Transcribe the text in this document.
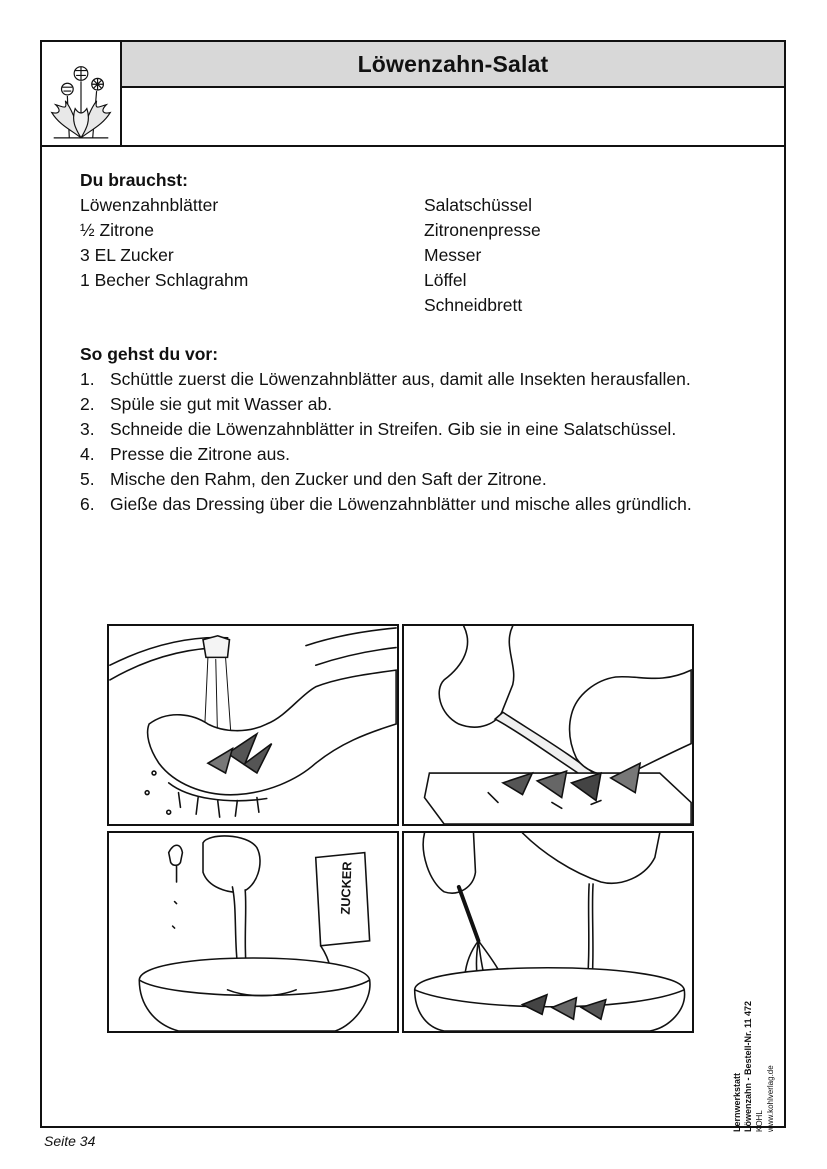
Löwenzahn-Salat
Du brauchst:
Löwenzahnblätter
½ Zitrone
3 EL Zucker
1 Becher Schlagrahm
Salatschüssel
Zitronenpresse
Messer
Löffel
Schneidbrett
So gehst du vor:
1. Schüttle zuerst die Löwenzahnblätter aus, damit alle Insekten herausfallen.
2. Spüle sie gut mit Wasser ab.
3. Schneide die Löwenzahnblätter in Streifen. Gib sie in eine Salatschüssel.
4. Presse die Zitrone aus.
5. Mische den Rahm, den Zucker und den Saft der Zitrone.
6. Gieße das Dressing über die Löwenzahnblätter und mische alles gründlich.
ZUCKER
Lernwerkstatt Löwenzahn - Bestell-Nr. 11 472 KOHL www.kohlverlag.de
Seite 34
